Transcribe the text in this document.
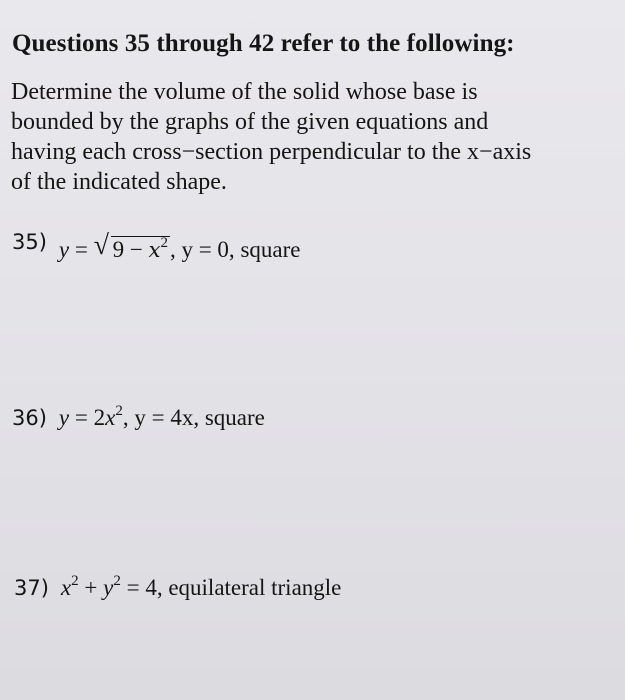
Questions 35 through 42 refer to the following:
Determine the volume of the solid whose base is
bounded by the graphs of the given equations and
having each cross−section perpendicular to the x−axis
of the indicated shape.
35) y = √ $9 - x^2$, y = 0, square
36) $y = 2x^2$, y = 4x, square
37) $x^2 + y^2 = 4$, equilateral triangle
